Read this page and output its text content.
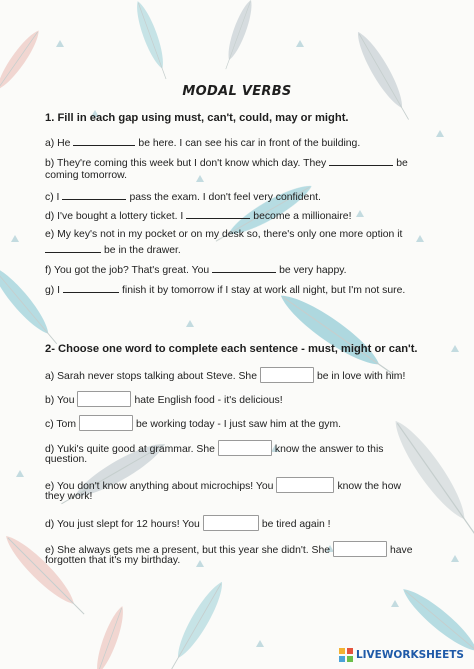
MODAL VERBS
1. Fill in each gap using must, can't, could, may or might.
a) He	be here. I can see his car in front of the building.
b) They're coming this week but I don't know which day. They	be
coming tomorrow.
c) I	pass the exam. I don't feel very confident.
d) I've bought a lottery ticket. I	become a millionaire!
e) My key's not in my pocket or on my desk so, there's only one more option it
be in the drawer.
f) You got the job? That's great. You	be very happy.
g) I	finish it by tomorrow if I stay at work all night, but I'm not sure.
2- Choose one word to complete each sentence - must, might or can't.
a) Sarah never stops talking about Steve. She	be in love with him!
b) You	hate English food - it's delicious!
c) Tom	be working today - I just saw him at the gym.
d) Yuki's quite good at grammar. She	know the answer to this
question.
e) You don't know anything about microchips! You	know the how
they work!
d) You just slept for 12 hours! You	be tired again !
e) She always gets me a present, but this year she didn't. She	have
forgotten that it's my birthday.
LIVEWORKSHEETS
